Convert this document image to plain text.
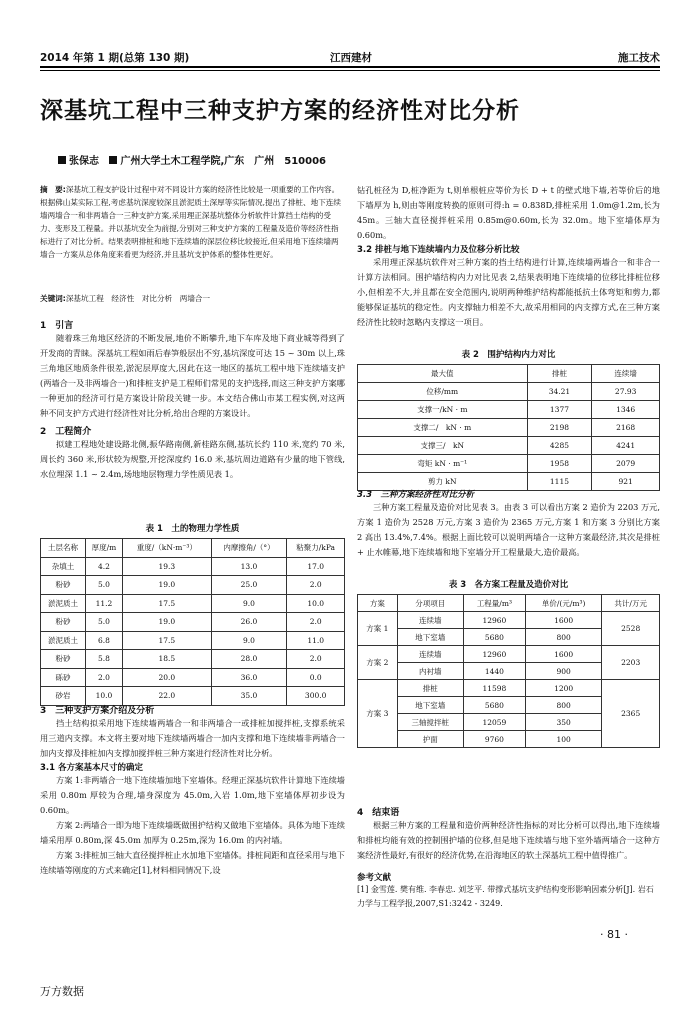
2014 年第 1 期(总第 130 期)	江西建材	施工技术
深基坑工程中三种支护方案的经济性对比分析
张保志 广州大学土木工程学院,广东　广州　510006
摘　要:深基坑工程支护设计过程中对不同设计方案的经济性比较是一项重要的工作内容。根据佛山某实际工程,考虑基坑深度较深且淤泥质土深厚等实际情况,提出了排桩、地下连续墙两墙合一和非两墙合一三种支护方案,采用理正深基坑整体分析软件计算挡土结构的受力、变形及工程量。并以基坑安全为前提,分别对三种支护方案的工程量及造价等经济性指标进行了对比分析。结果表明排桩和地下连续墙的深层位移比较接近,但采用地下连续墙两墙合一方案从总体角度来看更为经济,并且基坑支护体系的整体性更好。
关键词:深基坑工程　经济性　对比分析　两墙合一
1　引言
随着珠三角地区经济的不断发展,地价不断攀升,地下车库及地下商业城等得到了开发商的青睐。深基坑工程如雨后春笋般层出不穷,基坑深度可达 15 ~ 30m 以上,珠三角地区地质条件很差,淤泥层厚度大,因此在这一地区的基坑工程中地下连续墙支护(两墙合一及非两墙合一)和排桩支护是工程师们常见的支护选择,而这三种支护方案哪一种更加的经济可行是方案设计阶段关键一步。本文结合佛山市某工程实例,对这两种不同支护方式进行经济性对比分析,给出合理的方案设计。
2　工程简介
拟建工程地处建设路北侧,振华路南侧,新桂路东侧,基坑长约 110 米,宽约 70 米,周长约 360 米,形状较为规整,开挖深度约 16.0 米,基坑周边道路有少量的地下管线,水位埋深 1.1 ~ 2.4m,场地地层物理力学性质见表 1。
表 1　土的物理力学性质
土层名称	厚度/m	重度/（kN·m⁻³）	内摩擦角/（°）	粘聚力/kPa
杂填土	4.2	19.3	13.0	17.0
粉砂	5.0	19.0	25.0	2.0
淤泥质土	11.2	17.5	9.0	10.0
粉砂	5.0	19.0	26.0	2.0
淤泥质土	6.8	17.5	9.0	11.0
粉砂	5.8	18.5	28.0	2.0
砾砂	2.0	20.0	36.0	0.0
砂岩	10.0	22.0	35.0	300.0
3　三种支护方案介绍及分析
挡土结构拟采用地下连续墙两墙合一和非两墙合一或排桩加搅拌桩,支撑系统采用三道内支撑。本文将主要对地下连续墙两墙合一加内支撑和地下连续墙非两墙合一加内支撑及排桩加内支撑加搅拌桩三种方案进行经济性对比分析。
3.1 各方案基本尺寸的确定
方案 1:非两墙合一地下连续墙加地下室墙体。经理正深基坑软件计算地下连续墙采用 0.80m 厚较为合理,墙身深度为 45.0m,入岩 1.0m,地下室墙体厚初步设为 0.60m。
方案 2:两墙合一即为地下连续墙既做围护结构又做地下室墙体。具体为地下连续墙采用厚 0.80m,深 45.0m 加厚为 0.25m,深为 16.0m 的内衬墙。
方案 3:排桩加三轴大直径搅拌桩止水加地下室墙体。排桩间距和直径采用与地下连续墙等刚度的方式来确定[1],材料相同情况下,设
钻孔桩径为 D,桩净距为 t,则单根桩应等价为长 D + t 的壁式地下墙,若等价后的地下墙厚为 h,则由等刚度转换的原则可得:h = 0.838D,排桩采用 1.0m@1.2m,长为 45m。三轴大直径搅拌桩采用 0.85m@0.60m,长为 32.0m。地下室墙体厚为 0.60m。
3.2 排桩与地下连续墙内力及位移分析比较
采用理正深基坑软件对三种方案的挡土结构进行计算,连续墙两墙合一和非合一计算方法相同。围护墙结构内力对比见表 2,结果表明地下连续墙的位移比排桩位移小,但相差不大,并且都在安全范围内,说明两种维护结构都能抵抗土体弯矩和剪力,都能够保证基坑的稳定性。内支撑轴力相差不大,故采用相同的内支撑方式,在三种方案经济性比较时忽略内支撑这一项目。
表 2　围护结构内力对比
最大值	排桩	连续墙
位移/mm	34.21	27.93
支撑一/kN · m	1377	1346
支撑二/　kN · m	2198	2168
支撑三/　kN	4285	4241
弯矩 kN · m⁻¹	1958	2079
剪力 kN	1115	921
3.3　三种方案经济性对比分析
三种方案工程量及造价对比见表 3。由表 3 可以看出方案 2 造价为 2203 万元,方案 1 造价为 2528 万元,方案 3 造价为 2365 万元,方案 1 和方案 3 分别比方案 2 高出 13.4%,7.4%。根据上面比较可以说明两墙合一这种方案最经济,其次是排桩 + 止水帷幕,地下连续墙和地下室墙分开工程量最大,造价最高。
表 3　各方案工程量及造价对比
方案	分项项目	工程量/m³	单价/(元/m³)	共计/万元
方案 1	连续墙	12960	1600	2528
	地下室墙	5680	800	
方案 2	连续墙	12960	1600	2203
	内衬墙	1440	900	
方案 3	排桩	11598	1200	2365
	地下室墙	5680	800	
	三轴搅拌桩	12059	350	
	护面	9760	100	
4　结束语
根据三种方案的工程量和造价两种经济性指标的对比分析可以得出,地下连续墙和排桩均能有效的控制围护墙的位移,但是地下连续墙与地下室外墙两墙合一这种方案经济性最好,有很好的经济优势,在沿海地区的软土深基坑工程中值得推广。
参考文献
[1] 金雪莲. 樊有维. 李春忠. 刘芝平. 带撑式基坑支护结构变形影响因素分析[J]. 岩石力学与工程学报,2007,S1:3242 - 3249.
· 81 ·
万方数据
